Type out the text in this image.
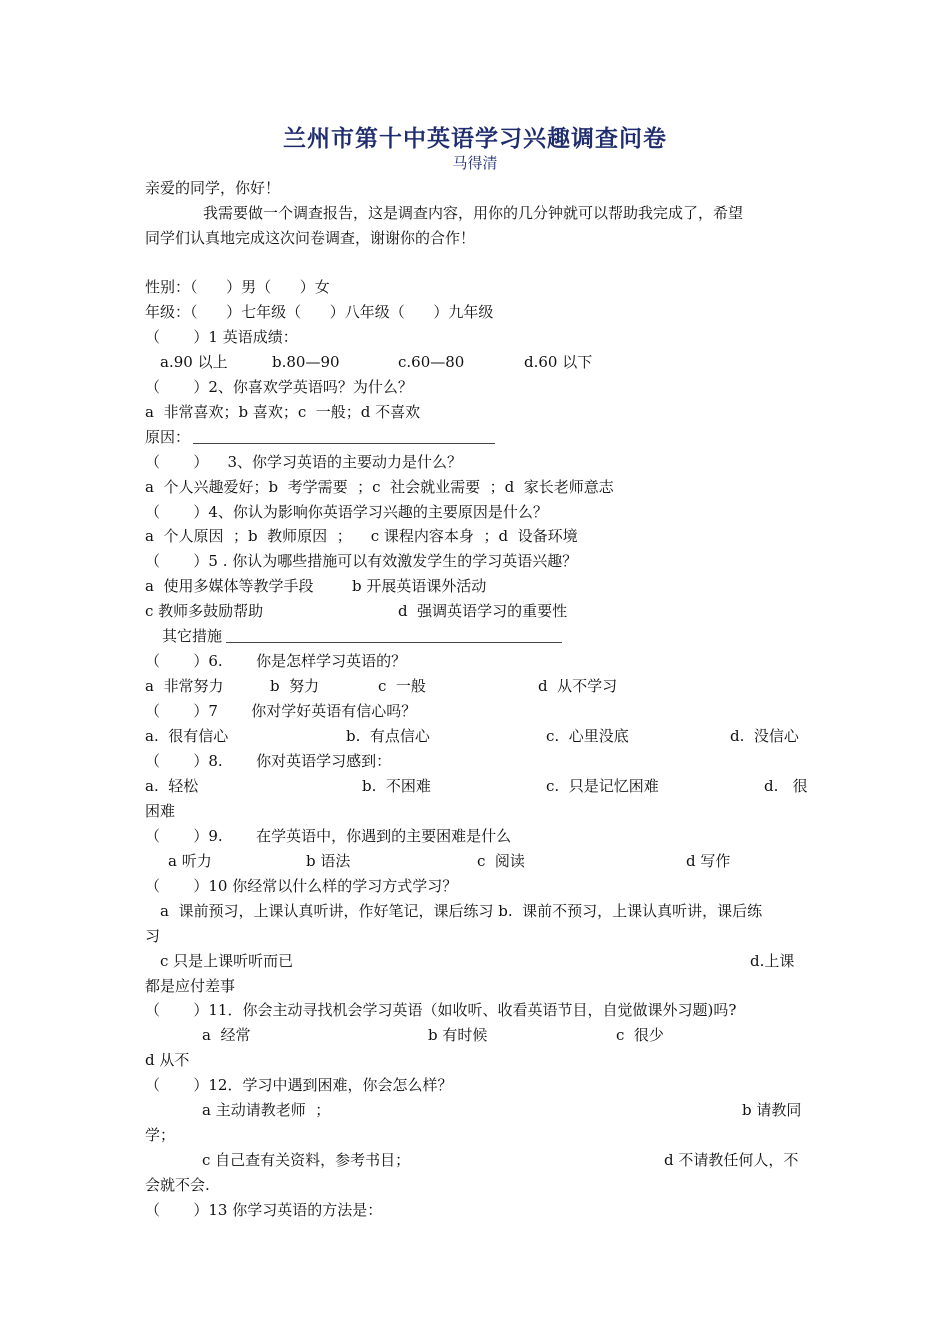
兰州市第十中英语学习兴趣调查问卷
马得清
亲爱的同学，你好！
我需要做一个调查报告，这是调查内容，用你的几分钟就可以帮助我完成了，希望
同学们认真地完成这次问卷调查，谢谢你的合作！
性别：（      ）男（      ）女
年级：（      ）七年级（      ）八年级（      ）九年级
（       ）1 英语成绩：
a.90 以上	b.80—90	c.60—80	d.60 以下
（       ）2、你喜欢学英语吗？为什么？
a  非常喜欢；b 喜欢；c  一般；d 不喜欢
原因：
（       ）    3、你学习英语的主要动力是什么？
a  个人兴趣爱好；b  考学需要  ；c  社会就业需要  ；d  家长老师意志
（       ）4、你认为影响你英语学习兴趣的主要原因是什么？
a  个人原因  ；b  教师原因  ；    c 课程内容本身  ；d  设备环境
（       ）5 . 你认为哪些措施可以有效激发学生的学习英语兴趣？
a  使用多媒体等教学手段	b 开展英语课外活动
c 教师多鼓励帮助	d  强调英语学习的重要性
其它措施
（       ）6.       你是怎样学习英语的？
a  非常努力	b  努力	c  一般	d  从不学习
（       ）7       你对学好英语有信心吗？
a.  很有信心	b.  有点信心	c.  心里没底	d.  没信心
（       ）8.       你对英语学习感到：
a.  轻松	b.  不困难	c.  只是记忆困难	d.   很
困难
（       ）9.       在学英语中，你遇到的主要困难是什么
a 听力	b 语法	c  阅读	d 写作
（       ）10 你经常以什么样的学习方式学习？
a  课前预习，上课认真听讲，作好笔记，课后练习 b.  课前不预习，上课认真听讲，课后练
习
c 只是上课听听而已	d.上课
都是应付差事
（       ）11．你会主动寻找机会学习英语（如收听、收看英语节目，自觉做课外习题)吗?
a  经常	b 有时候	c  很少
d 从不
（       ）12．学习中遇到困难，你会怎么样？
a 主动请教老师  ；	b 请教同
学；
c 自己查有关资料，参考书目；	d 不请教任何人，不
会就不会.
（       ）13 你学习英语的方法是：
